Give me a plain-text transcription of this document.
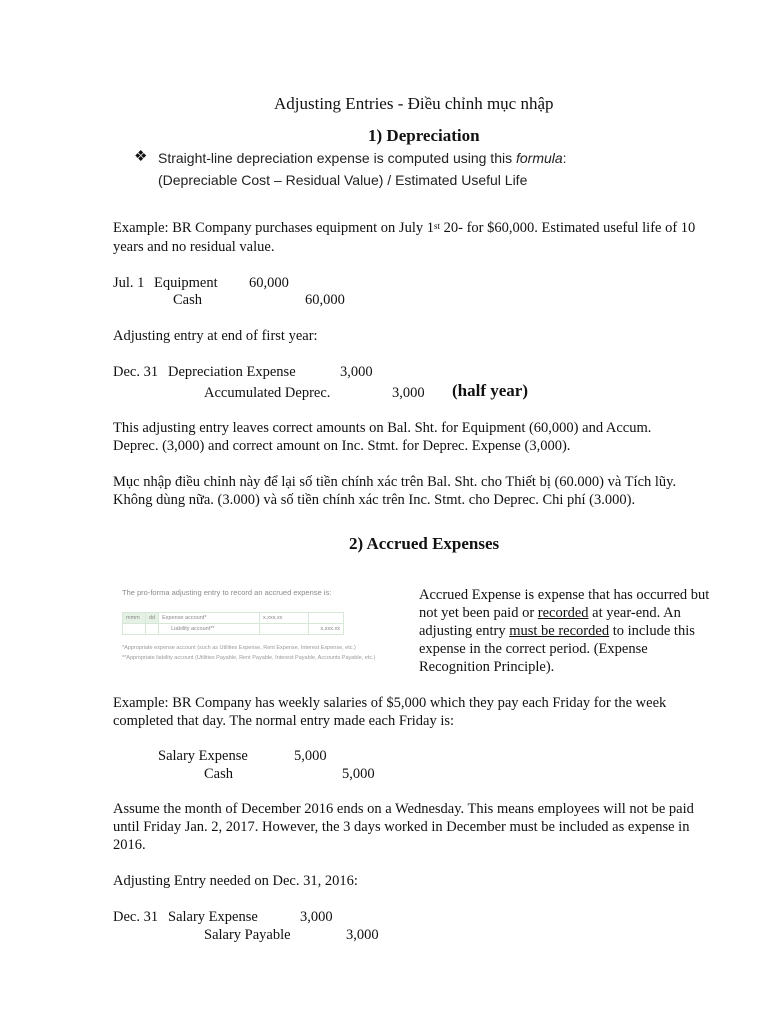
Adjusting Entries - Điều chỉnh mục nhập
1) Depreciation
❖ Straight-line depreciation expense is computed using this formula:
(Depreciable Cost – Residual Value) / Estimated Useful Life
Example: BR Company purchases equipment on July 1st 20- for $60,000. Estimated useful life of 10
years and no residual value.
Jul. 1 Equipment 60,000
Cash	60,000
Adjusting entry at end of first year:
Dec. 31 Depreciation Expense	3,000
Accumulated Deprec.	3,000 (half year)
This adjusting entry leaves correct amounts on Bal. Sht. for Equipment (60,000) and Accum.
Deprec. (3,000) and correct amount on Inc. Stmt. for Deprec. Expense (3,000).
Mục nhập điều chỉnh này để lại số tiền chính xác trên Bal. Sht. cho Thiết bị (60.000) và Tích lũy.
Không dùng nữa. (3.000) và số tiền chính xác trên Inc. Stmt. cho Deprec. Chi phí (3.000).
2) Accrued Expenses
The pro-forma adjusting entry to record an accrued expense is:
mmm	dd	Expense account*	x,xxx.xx	
		Liability account**		x,xxx.xx
*Appropriate expense account (such as Utilities Expense, Rent Expense, Interest Expense, etc.)
**Appropriate liability account (Utilities Payable, Rent Payable, Interest Payable, Accounts Payable, etc.)
Accrued Expense is expense that has occurred but
not yet been paid or recorded at year-end. An
adjusting entry must be recorded to include this
expense in the correct period. (Expense
Recognition Principle).
Example: BR Company has weekly salaries of $5,000 which they pay each Friday for the week
completed that day. The normal entry made each Friday is:
Salary Expense	5,000
Cash	5,000
Assume the month of December 2016 ends on a Wednesday. This means employees will not be paid
until Friday Jan. 2, 2017. However, the 3 days worked in December must be included as expense in
2016.
Adjusting Entry needed on Dec. 31, 2016:
Dec. 31 Salary Expense	3,000
Salary Payable	3,000
